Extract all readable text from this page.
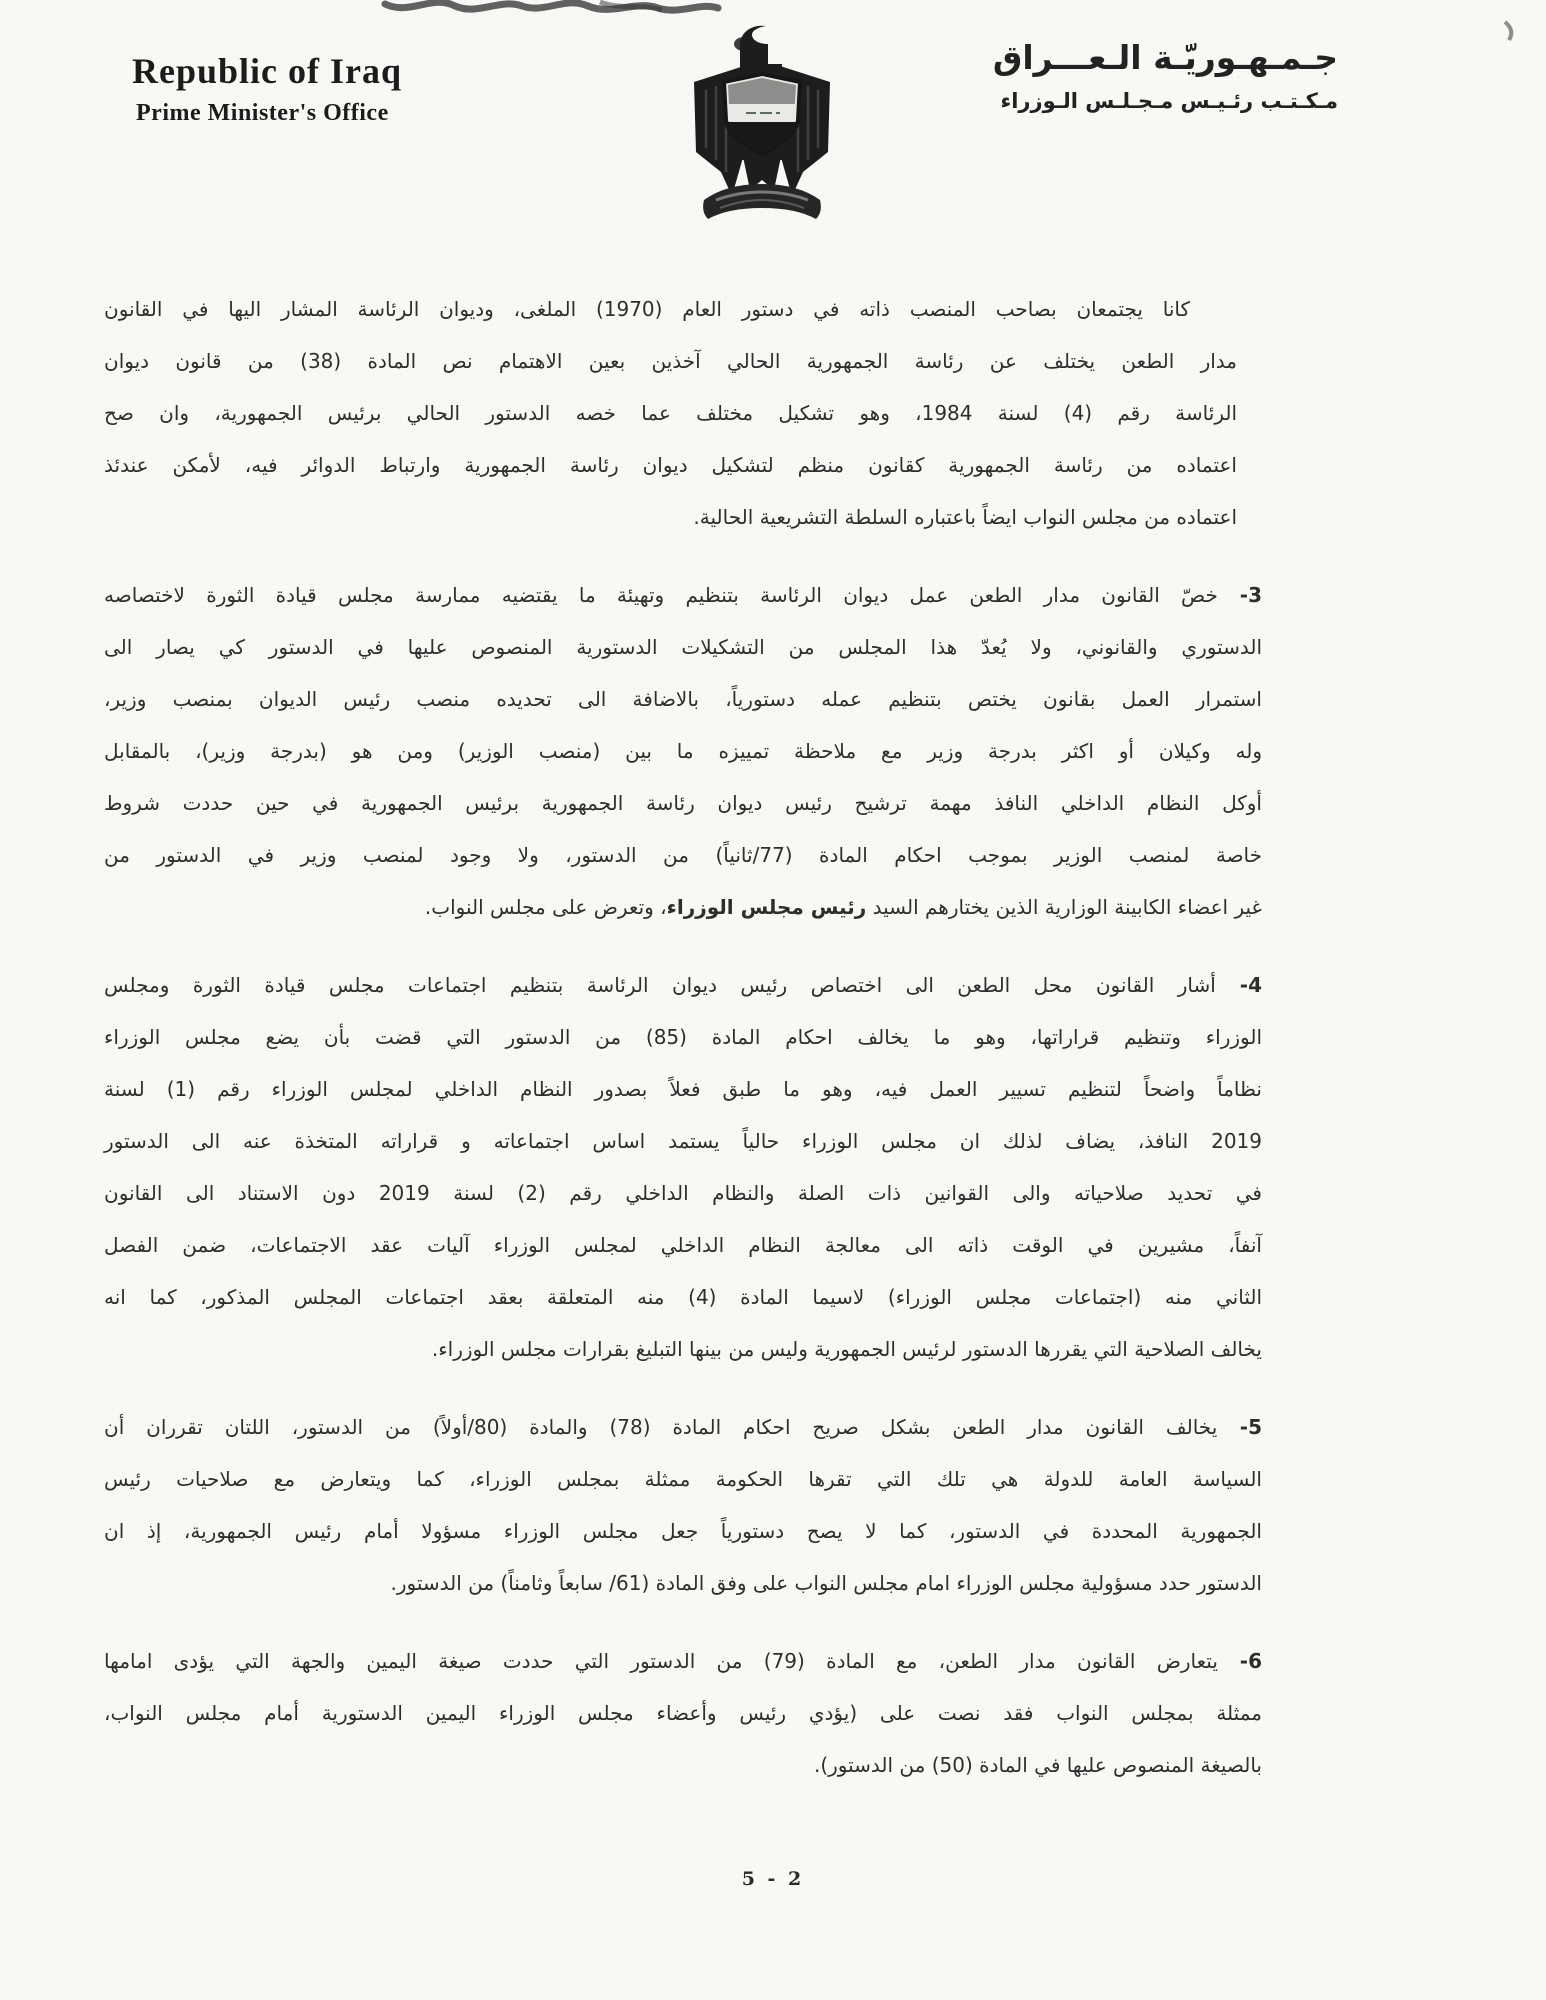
Republic of Iraq
Prime Minister's Office
جـمـهـوريّـة الـعـــراق
مـكـتـب رئـيـس مـجـلـس الـوزراء
كانا يجتمعان بصاحب المنصب ذاته في دستور العام (1970) الملغى، وديوان الرئاسة المشار اليها في القانون
مدار الطعن يختلف عن رئاسة الجمهورية الحالي آخذين بعين الاهتمام نص المادة (38) من قانون ديوان
الرئاسة رقم (4) لسنة 1984، وهو تشكيل مختلف عما خصه الدستور الحالي برئيس الجمهورية، وان صح
اعتماده من رئاسة الجمهورية كقانون منظم لتشكيل ديوان رئاسة الجمهورية وارتباط الدوائر فيه، لأمكن عندئذ
اعتماده من مجلس النواب ايضاً باعتباره السلطة التشريعية الحالية.
3- خصّ القانون مدار الطعن عمل ديوان الرئاسة بتنظيم وتهيئة ما يقتضيه ممارسة مجلس قيادة الثورة لاختصاصه
الدستوري والقانوني، ولا يُعدّ هذا المجلس من التشكيلات الدستورية المنصوص عليها في الدستور كي يصار الى
استمرار العمل بقانون يختص بتنظيم عمله دستورياً، بالاضافة الى تحديده منصب رئيس الديوان بمنصب وزير،
وله وكيلان أو اكثر بدرجة وزير مع ملاحظة تمييزه ما بين (منصب الوزير) ومن هو (بدرجة وزير)، بالمقابل
أوكل النظام الداخلي النافذ مهمة ترشيح رئيس ديوان رئاسة الجمهورية برئيس الجمهورية في حين حددت شروط
خاصة لمنصب الوزير بموجب احكام المادة (77/ثانياً) من الدستور، ولا وجود لمنصب وزير في الدستور من
غير اعضاء الكابينة الوزارية الذين يختارهم السيد رئيس مجلس الوزراء، وتعرض على مجلس النواب.
4- أشار القانون محل الطعن الى اختصاص رئيس ديوان الرئاسة بتنظيم اجتماعات مجلس قيادة الثورة ومجلس
الوزراء وتنظيم قراراتها، وهو ما يخالف احكام المادة (85) من الدستور التي قضت بأن يضع مجلس الوزراء
نظاماً واضحاً لتنظيم تسيير العمل فيه، وهو ما طبق فعلاً بصدور النظام الداخلي لمجلس الوزراء رقم (1) لسنة
2019 النافذ، يضاف لذلك ان مجلس الوزراء حالياً يستمد اساس اجتماعاته و قراراته المتخذة عنه الى الدستور
في تحديد صلاحياته والى القوانين ذات الصلة والنظام الداخلي رقم (2) لسنة 2019 دون الاستناد الى القانون
آنفاً، مشيرين في الوقت ذاته الى معالجة النظام الداخلي لمجلس الوزراء آليات عقد الاجتماعات، ضمن الفصل
الثاني منه (اجتماعات مجلس الوزراء) لاسيما المادة (4) منه المتعلقة بعقد اجتماعات المجلس المذكور، كما انه
يخالف الصلاحية التي يقررها الدستور لرئيس الجمهورية وليس من بينها التبليغ بقرارات مجلس الوزراء.
5- يخالف القانون مدار الطعن بشكل صريح احكام المادة (78) والمادة (80/أولاً) من الدستور، اللتان تقرران أن
السياسة العامة للدولة هي تلك التي تقرها الحكومة ممثلة بمجلس الوزراء، كما ويتعارض مع صلاحيات رئيس
الجمهورية المحددة في الدستور، كما لا يصح دستورياً جعل مجلس الوزراء مسؤولا أمام رئيس الجمهورية، إذ ان
الدستور حدد مسؤولية مجلس الوزراء امام مجلس النواب على وفق المادة (61/ سابعاً وثامناً) من الدستور.
6- يتعارض القانون مدار الطعن، مع المادة (79) من الدستور التي حددت صيغة اليمين والجهة التي يؤدى امامها
ممثلة بمجلس النواب فقد نصت على (يؤدي رئيس وأعضاء مجلس الوزراء اليمين الدستورية أمام مجلس النواب،
بالصيغة المنصوص عليها في المادة (50) من الدستور).
5 - 2
